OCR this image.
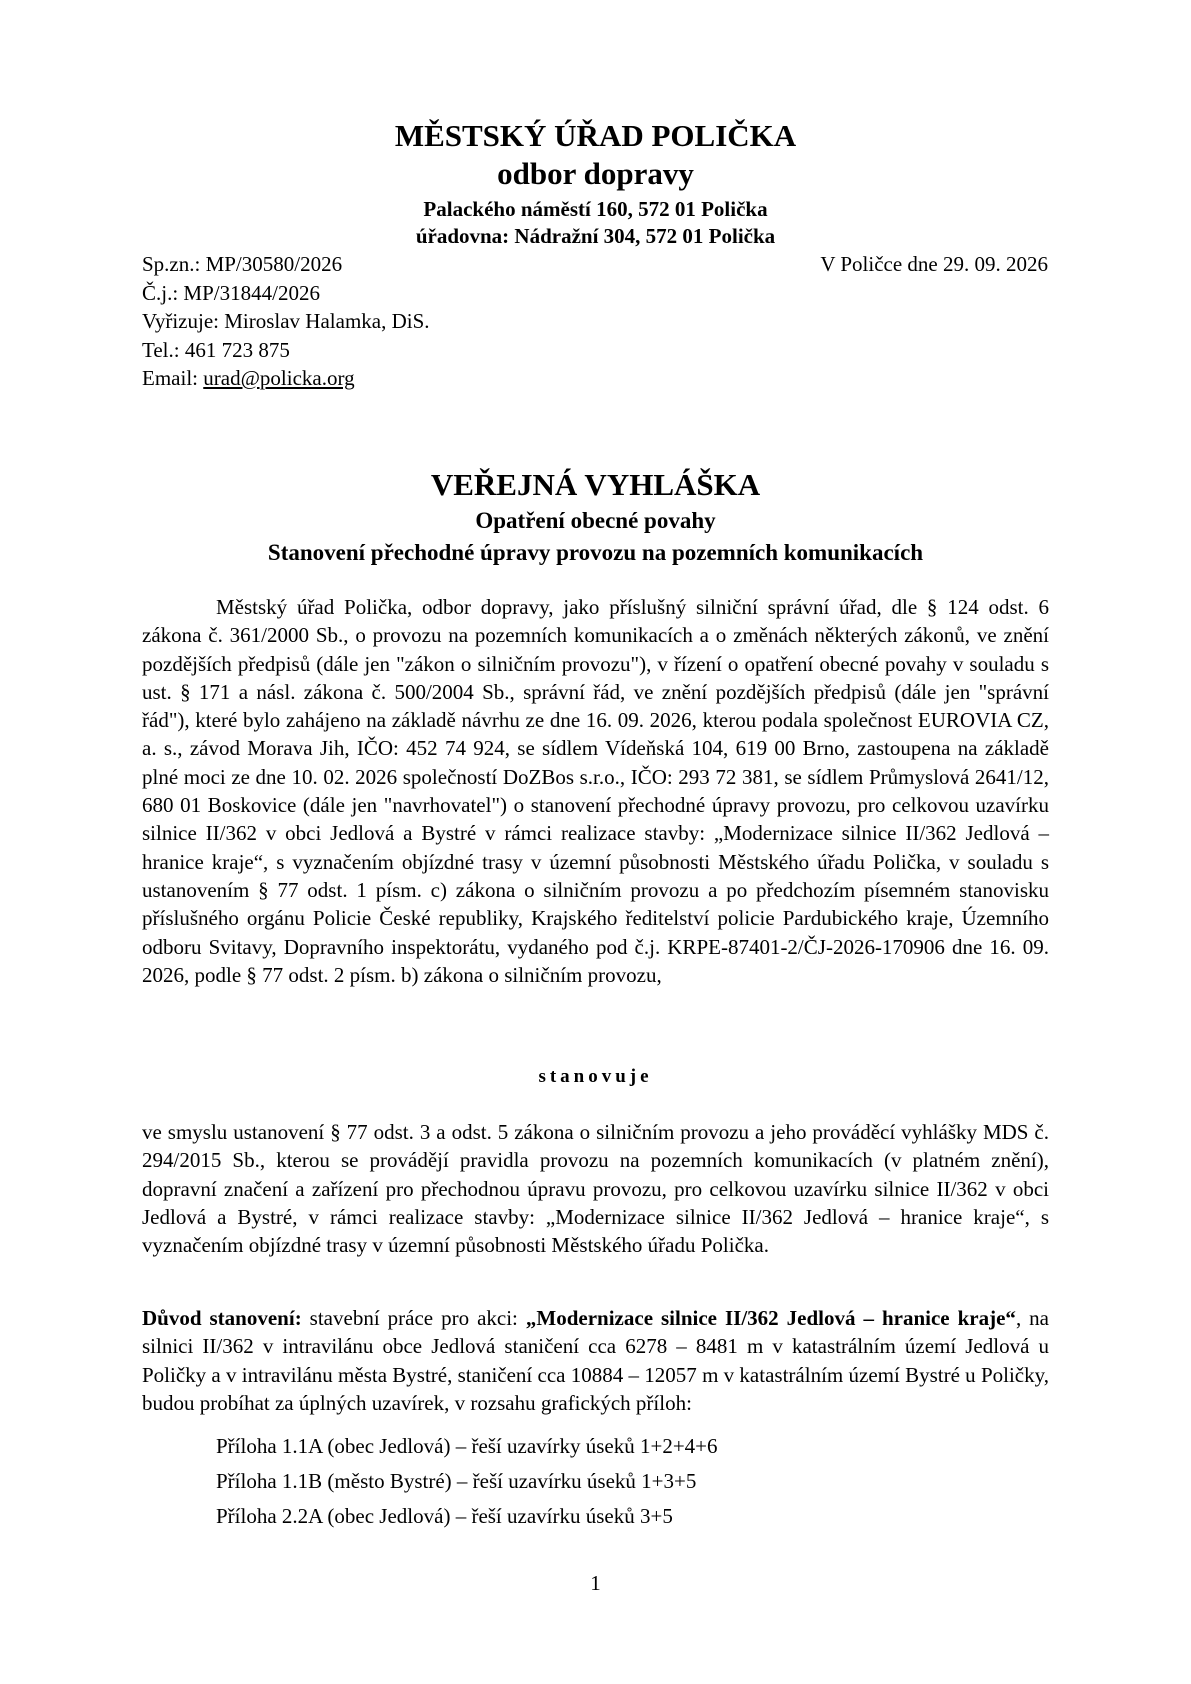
MĚSTSKÝ ÚŘAD POLIČKA
odbor dopravy
Palackého náměstí 160, 572 01 Polička
úřadovna: Nádražní 304, 572 01 Polička
Sp.zn.: MP/30580/2026
Č.j.: MP/31844/2026
Vyřizuje: Miroslav Halamka, DiS.
Tel.: 461 723 875
Email: urad@policka.org
V Poličce dne 29. 09. 2026
VEŘEJNÁ VYHLÁŠKA
Opatření obecné povahy
Stanovení přechodné úpravy provozu na pozemních komunikacích
Městský úřad Polička, odbor dopravy, jako příslušný silniční správní úřad, dle § 124 odst. 6 zákona č. 361/2000 Sb., o provozu na pozemních komunikacích a o změnách některých zákonů, ve znění pozdějších předpisů (dále jen "zákon o silničním provozu"), v řízení o opatření obecné povahy v souladu s ust. § 171 a násl. zákona č. 500/2004 Sb., správní řád, ve znění pozdějších předpisů (dále jen "správní řád"), které bylo zahájeno na základě návrhu ze dne 16. 09. 2026, kterou podala společnost EUROVIA CZ, a. s., závod Morava Jih, IČO: 452 74 924, se sídlem Vídeňská 104, 619 00 Brno, zastoupena na základě plné moci ze dne 10. 02. 2026 společností DoZBos s.r.o., IČO: 293 72 381, se sídlem Průmyslová 2641/12, 680 01 Boskovice (dále jen "navrhovatel") o stanovení přechodné úpravy provozu, pro celkovou uzavírku silnice II/362 v obci Jedlová a Bystré v rámci realizace stavby: „Modernizace silnice II/362 Jedlová – hranice kraje“, s vyznačením objízdné trasy v územní působnosti Městského úřadu Polička, v souladu s ustanovením § 77 odst. 1 písm. c) zákona o silničním provozu a po předchozím písemném stanovisku příslušného orgánu Policie České republiky, Krajského ředitelství policie Pardubického kraje, Územního odboru Svitavy, Dopravního inspektorátu, vydaného pod č.j. KRPE-87401-2/ČJ-2026-170906 dne 16. 09. 2026, podle § 77 odst. 2 písm. b) zákona o silničním provozu,
stanovuje
ve smyslu ustanovení § 77 odst. 3 a odst. 5 zákona o silničním provozu a jeho prováděcí vyhlášky MDS č. 294/2015 Sb., kterou se provádějí pravidla provozu na pozemních komunikacích (v platném znění), dopravní značení a zařízení pro přechodnou úpravu provozu, pro celkovou uzavírku silnice II/362 v obci Jedlová a Bystré, v rámci realizace stavby: „Modernizace silnice II/362 Jedlová – hranice kraje“, s vyznačením objízdné trasy v územní působnosti Městského úřadu Polička.
Důvod stanovení: stavební práce pro akci: „Modernizace silnice II/362 Jedlová – hranice kraje“, na silnici II/362 v intravilánu obce Jedlová staničení cca 6278 – 8481 m v katastrálním území Jedlová u Poličky a v intravilánu města Bystré, staničení cca 10884 – 12057 m v katastrálním území Bystré u Poličky, budou probíhat za úplných uzavírek, v rozsahu grafických příloh:
Příloha 1.1A (obec Jedlová) – řeší uzavírky úseků 1+2+4+6
Příloha 1.1B (město Bystré) – řeší uzavírku úseků 1+3+5
Příloha 2.2A (obec Jedlová) – řeší uzavírku úseků 3+5
1
